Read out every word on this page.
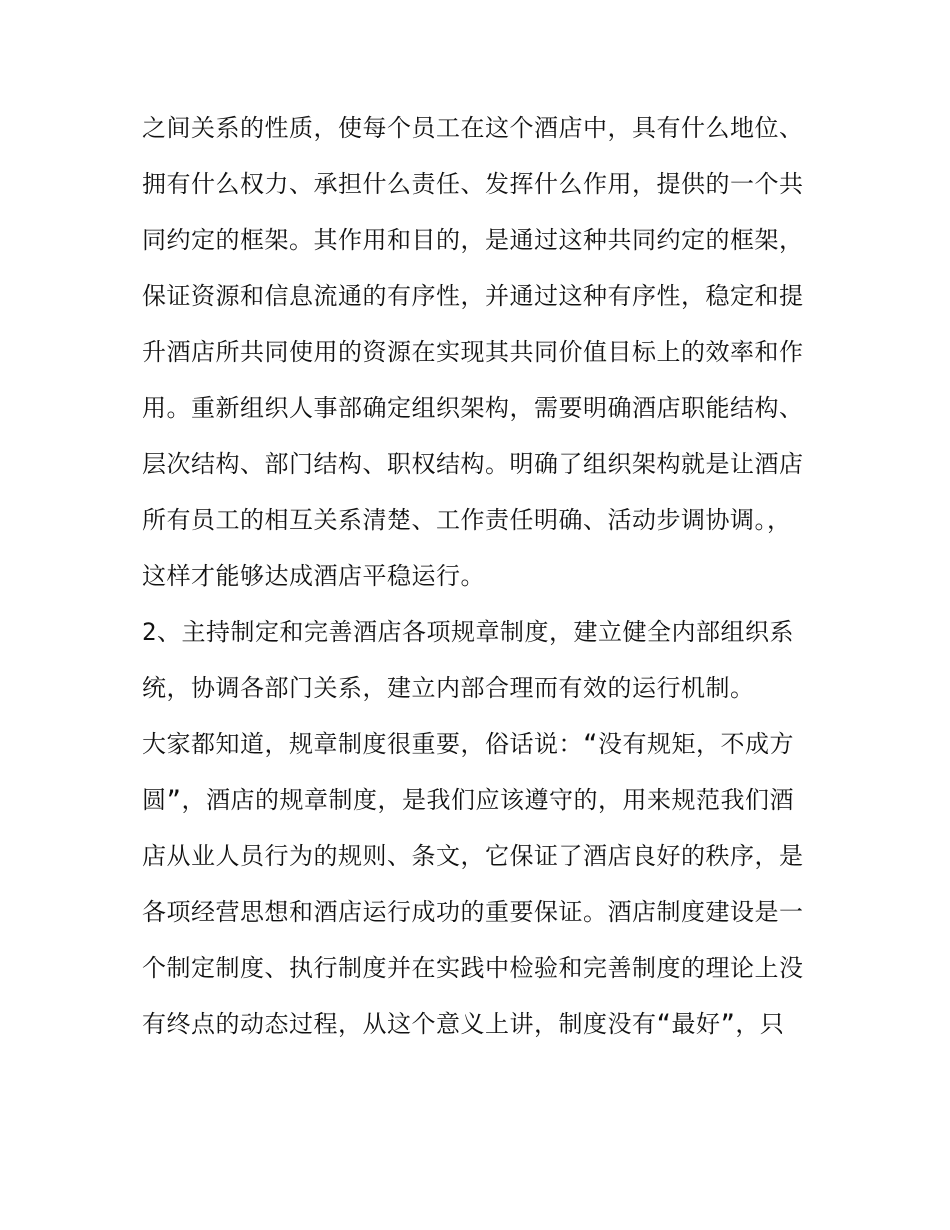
之间关系的性质，使每个员工在这个酒店中，具有什么地位、
拥有什么权力、承担什么责任、发挥什么作用，提供的一个共
同约定的框架。其作用和目的，是通过这种共同约定的框架，
保证资源和信息流通的有序性，并通过这种有序性，稳定和提
升酒店所共同使用的资源在实现其共同价值目标上的效率和作
用。重新组织人事部确定组织架构，需要明确酒店职能结构、
层次结构、部门结构、职权结构。明确了组织架构就是让酒店
所有员工的相互关系清楚、工作责任明确、活动步调协调。，
这样才能够达成酒店平稳运行。
2、主持制定和完善酒店各项规章制度，建立健全内部组织系
统，协调各部门关系，建立内部合理而有效的运行机制。
大家都知道，规章制度很重要，俗话说：“没有规矩，不成方
圆”，酒店的规章制度，是我们应该遵守的，用来规范我们酒
店从业人员行为的规则、条文，它保证了酒店良好的秩序，是
各项经营思想和酒店运行成功的重要保证。酒店制度建设是一
个制定制度、执行制度并在实践中检验和完善制度的理论上没
有终点的动态过程，从这个意义上讲，制度没有“最好”，只
